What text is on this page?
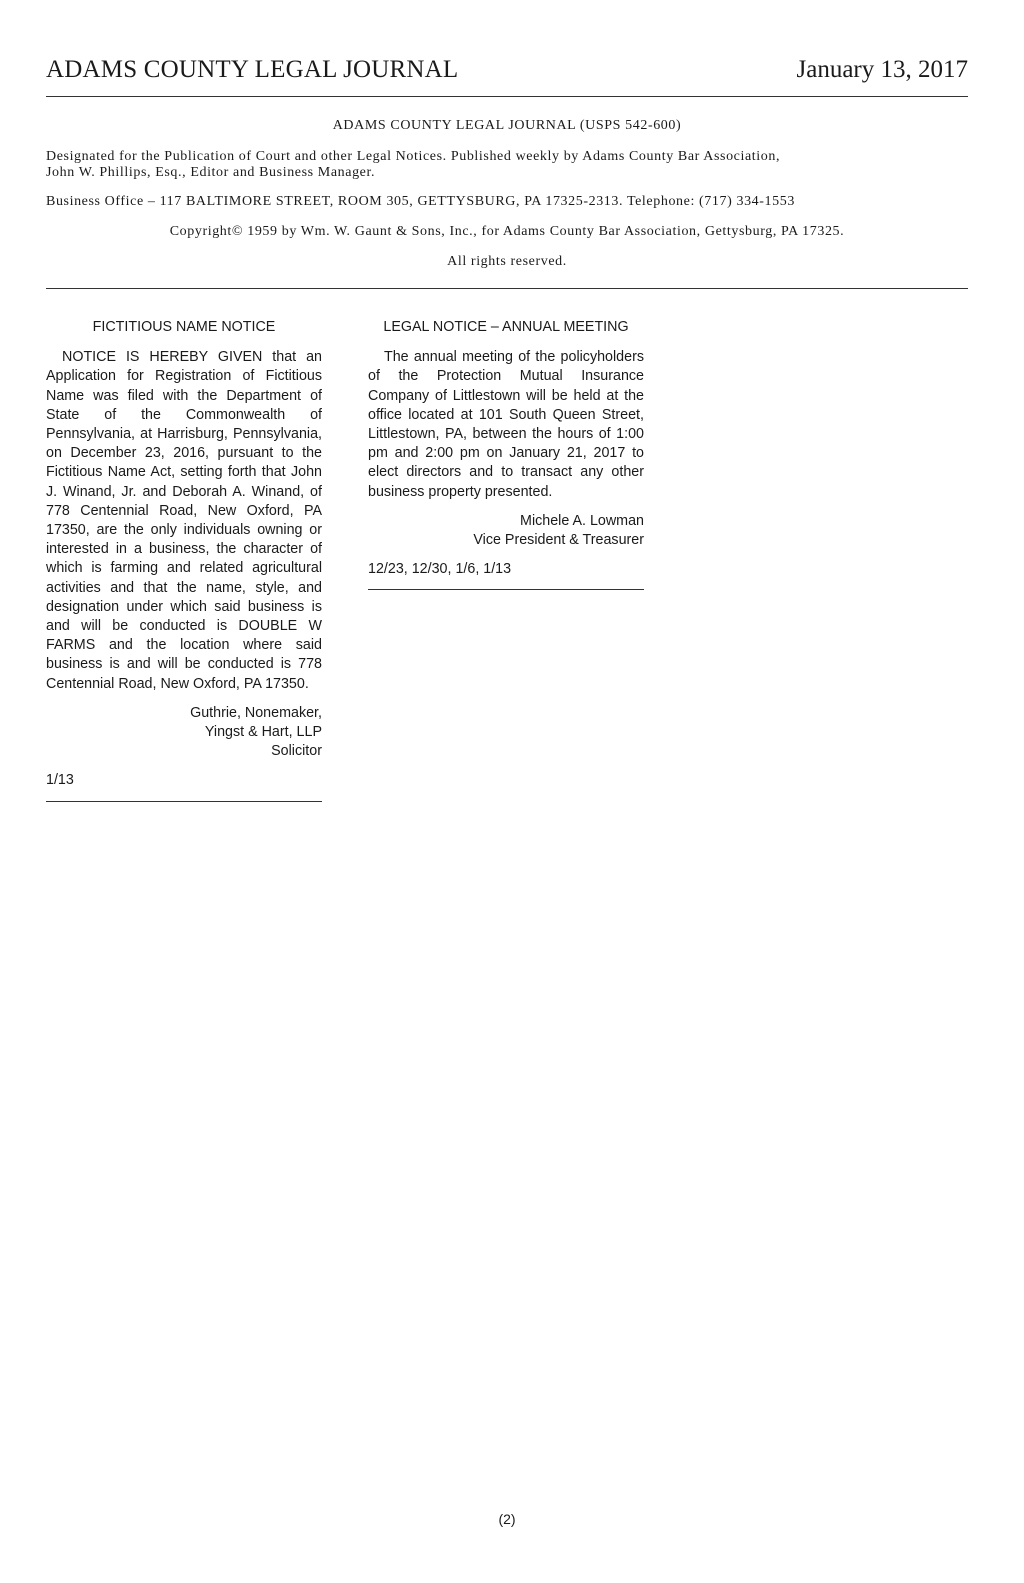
ADAMS COUNTY LEGAL JOURNAL	January 13, 2017
ADAMS COUNTY LEGAL JOURNAL (USPS 542-600)
Designated for the Publication of Court and other Legal Notices. Published weekly by Adams County Bar Association,
John W. Phillips, Esq., Editor and Business Manager.
Business Office – 117 BALTIMORE STREET, ROOM 305, GETTYSBURG, PA 17325-2313. Telephone: (717) 334-1553
Copyright© 1959 by Wm. W. Gaunt & Sons, Inc., for Adams County Bar Association, Gettysburg, PA 17325.
All rights reserved.
FICTITIOUS NAME NOTICE

NOTICE IS HEREBY GIVEN that an Application for Registration of Fictitious Name was filed with the Department of State of the Commonwealth of Pennsylvania, at Harrisburg, Pennsylvania, on December 23, 2016, pursuant to the Fictitious Name Act, setting forth that John J. Winand, Jr. and Deborah A. Winand, of 778 Centennial Road, New Oxford, PA 17350, are the only individuals owning or interested in a business, the character of which is farming and related agricultural activities and that the name, style, and designation under which said business is and will be conducted is DOUBLE W FARMS and the location where said business is and will be conducted is 778 Centennial Road, New Oxford, PA 17350.

Guthrie, Nonemaker,
Yingst & Hart, LLP
Solicitor
1/13
LEGAL NOTICE – ANNUAL MEETING

The annual meeting of the policyholders of the Protection Mutual Insurance Company of Littlestown will be held at the office located at 101 South Queen Street, Littlestown, PA, between the hours of 1:00 pm and 2:00 pm on January 21, 2017 to elect directors and to transact any other business property presented.

Michele A. Lowman
Vice President & Treasurer
12/23, 12/30, 1/6, 1/13
(2)
